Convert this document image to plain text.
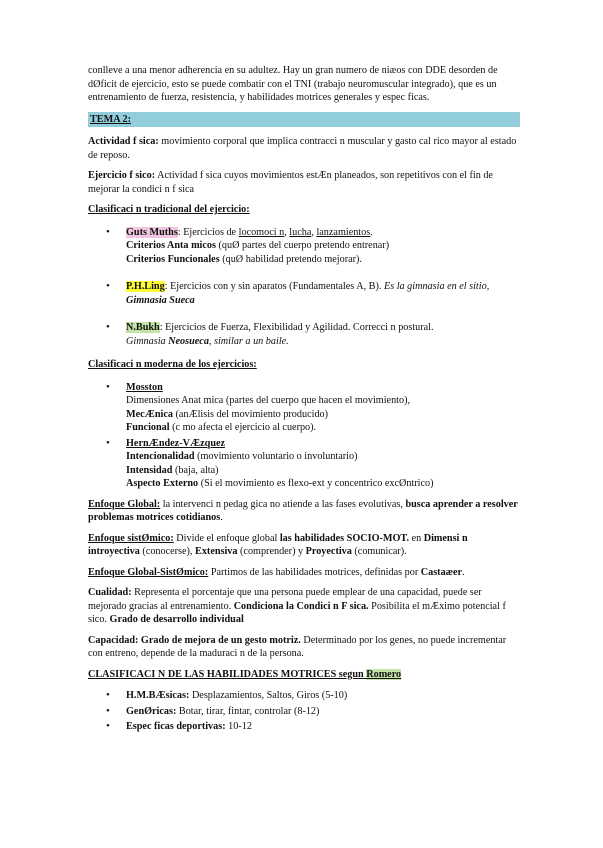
conlleve a una menor adherencia en su adultez. Hay un gran numero de niæos con DDE desorden de dØficit de ejercicio, esto se puede combatir con el TNI (trabajo neuromuscular integrado), que es un entrenamiento de fuerza, resistencia, y habilidades motrices generales y espec ficas.

TEMA 2:

Actividad f sica: movimiento corporal que implica contracci n muscular y gasto cal rico mayor al estado de reposo.

Ejercicio f sico: Actividad f sica cuyos movimientos estÆn planeados, son repetitivos con el fin de mejorar la condici n f sica

Clasificaci n tradicional del ejercicio:

• Guts Muths: Ejercicios de locomoci n, lucha, lanzamientos.
Criterios Anta micos (quØ partes del cuerpo pretendo entrenar)
Criterios Funcionales (quØ habilidad pretendo mejorar).
• P.H.Ling: Ejercicios con y sin aparatos (Fundamentales A, B). Es la gimnasia en el sitio, Gimnasia Sueca
• N.Bukh: Ejercicios de Fuerza, Flexibilidad y Agilidad. Correcci n postural.
Gimnasia Neosueca, similar a un baile.

Clasificaci n moderna de los ejercicios:

• Mosston
Dimensiones Anat mica (partes del cuerpo que hacen el movimiento),
MecÆnica (anÆlisis del movimiento producido)
Funcional (c mo afecta el ejercicio al cuerpo).
• HernÆndez-VÆzquez
Intencionalidad (movimiento voluntario o involuntario)
Intensidad (baja, alta)
Aspecto Externo (Si el movimiento es flexo-ext y concentrico excØntrico)

Enfoque Global: la intervenci n pedag gica no atiende a las fases evolutivas, busca aprender a resolver problemas motrices cotidianos.

Enfoque sistØmico: Divide el enfoque global las habilidades SOCIO-MOT. en Dimensi n introyectiva (conocerse), Extensiva (comprender) y Proyectiva (comunicar).

Enfoque Global-SistØmico: Partimos de las habilidades motrices, definidas por Castaæer.

Cualidad: Representa el porcentaje que una persona puede emplear de una capacidad, puede ser mejorado gracias al entrenamiento. Condiciona la Condici n F sica. Posibilita el mÆximo potencial f sico. Grado de desarrollo individual

Capacidad: Grado de mejora de un gesto motriz. Determinado por los genes, no puede incrementar con entreno, depende de la maduraci n de la persona.

CLASIFICACI N DE LAS HABILIDADES MOTRICES segun Romero

• H.M.BÆsicas: Desplazamientos, Saltos, Giros (5-10)
• GenØricas: Botar, tirar, fintar, controlar (8-12)
• Espec ficas deportivas: 10-12
